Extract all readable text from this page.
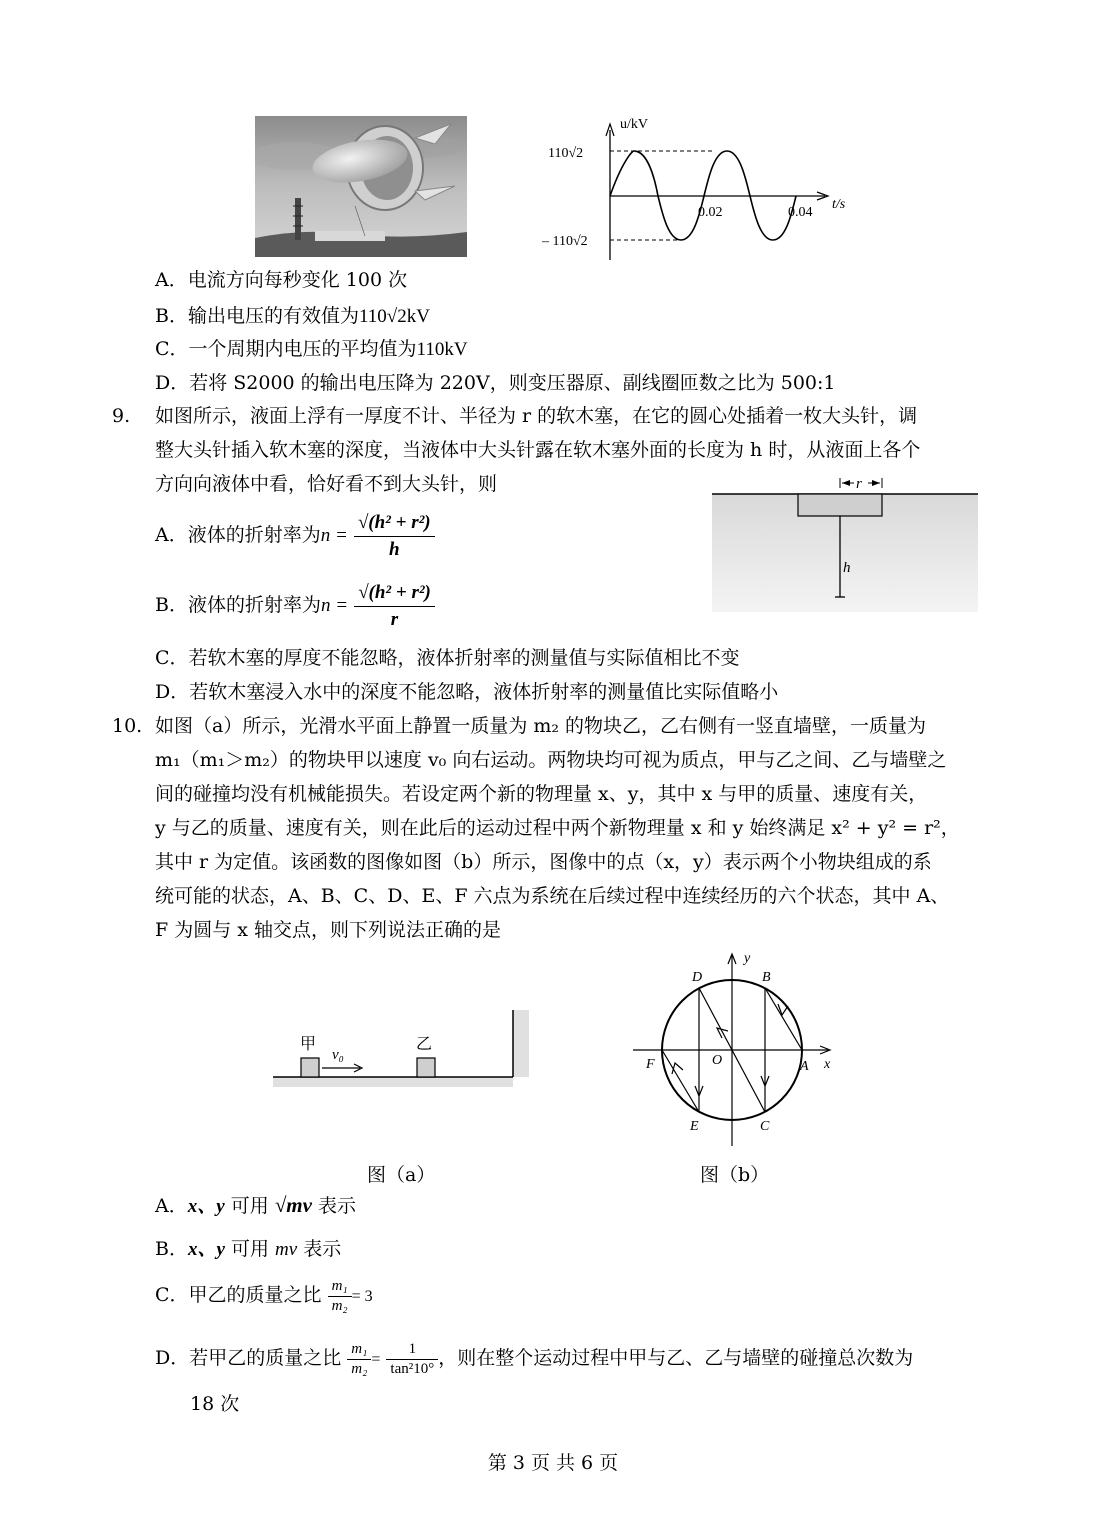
u/kV
t/s
110√2
– 110√2
0.02	0.04
A．电流方向每秒变化 100 次
B．输出电压的有效值为110√2kV
C．一个周期内电压的平均值为110kV
D．若将 S2000 的输出电压降为 220V，则变压器原、副线圈匝数之比为 500:1
9. 如图所示，液面上浮有一厚度不计、半径为 r 的软木塞，在它的圆心处插着一枚大头针，调
整大头针插入软木塞的深度，当液体中大头针露在软木塞外面的长度为 h 时，从液面上各个
方向向液体中看，恰好看不到大头针，则	r
h
A．液体的折射率为$n = \frac{\text{√(h² + r²)}}{h}$
B．液体的折射率为$n = \frac{\text{√(h² + r²)}}{r}$
C．若软木塞的厚度不能忽略，液体折射率的测量值与实际值相比不变
D．若软木塞浸入水中的深度不能忽略，液体折射率的测量值比实际值略小
10. 如图（a）所示，光滑水平面上静置一质量为 m₂ 的物块乙，乙右侧有一竖直墙壁，一质量为
m₁（m₁＞m₂）的物块甲以速度 v₀ 向右运动。两物块均可视为质点，甲与乙之间、乙与墙壁之
间的碰撞均没有机械能损失。若设定两个新的物理量 x、y，其中 x 与甲的质量、速度有关，
y 与乙的质量、速度有关，则在此后的运动过程中两个新物理量 x 和 y 始终满足 x² + y² = r²，
其中 r 为定值。该函数的图像如图（b）所示，图像中的点（x，y）表示两个小物块组成的系
统可能的状态，A、B、C、D、E、F 六点为系统在后续过程中连续经历的六个状态，其中 A、
F 为圆与 x 轴交点，则下列说法正确的是
甲	乙
v₀
图（a）
y
x
O	A
B
C
D
E
F
图（b）
A．x、y 可用 √mv 表示
B．x、y 可用 mv 表示
C．甲乙的质量之比 $\frac{\text{m₁}}{\text{m₂}} = 3$
D．若甲乙的质量之比 $\frac{\text{m₁}}{\text{m₂}} = \frac{1}{\text{tan²10°}}$ ，则在整个运动过程中甲与乙、乙与墙壁的碰撞总次数为
18 次
第 3 页 共 6 页
